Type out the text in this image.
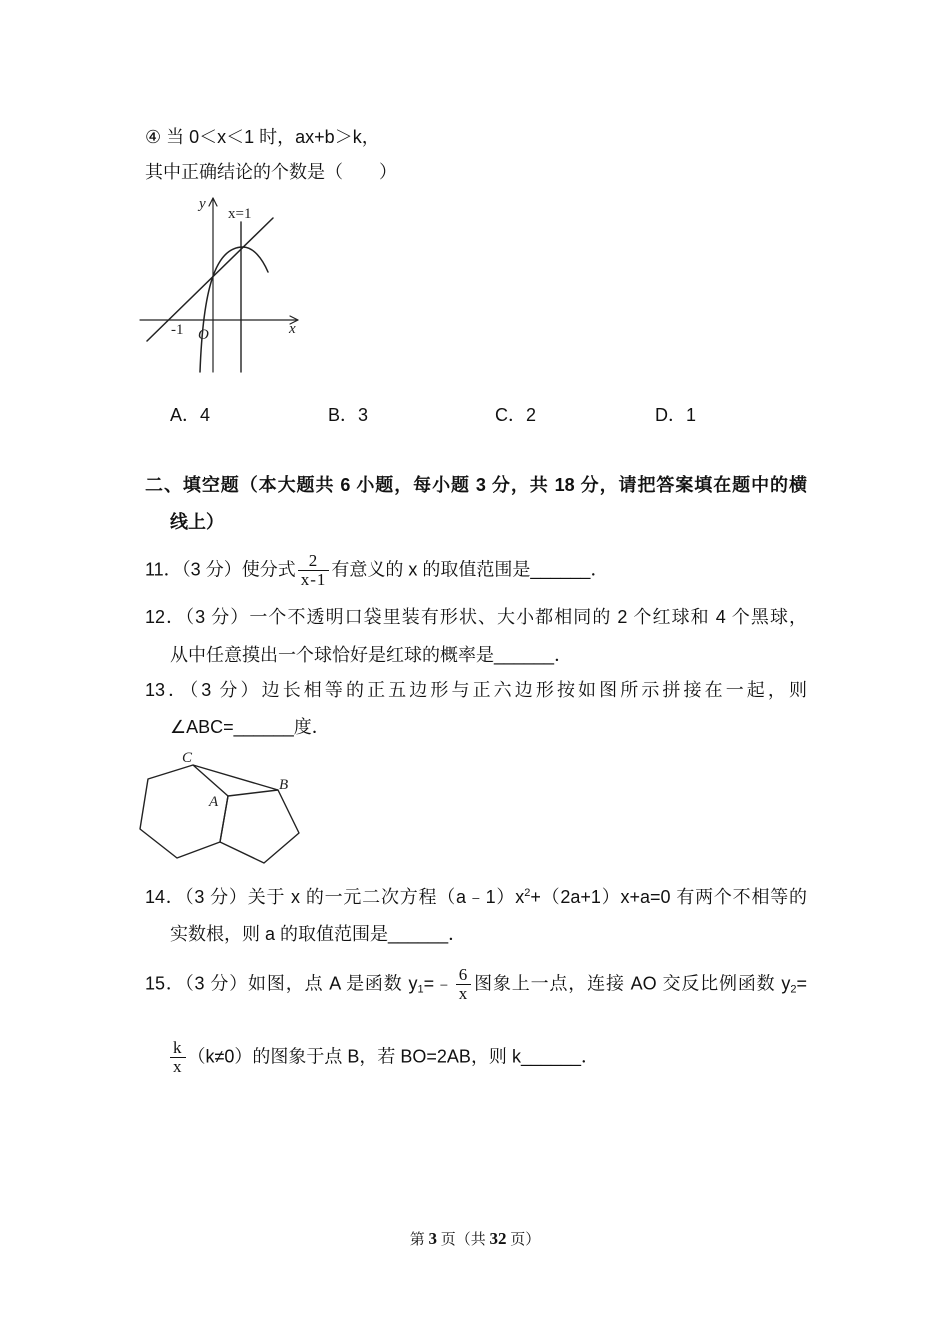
④ 当 0＜x＜1 时，ax+b＞k，
其中正确结论的个数是（　　）
y
x=1
x
-1 O
A．4	B．3	C．2	D．1
二、填空题（本大题共 6 小题，每小题 3 分，共 18 分，请把答案填在题中的横
线上）
11．（3 分）使分式 $\frac{2}{x-1}$ 有意义的 x 的取值范围是______．
12．（3 分）一个不透明口袋里装有形状、大小都相同的 2 个红球和 4 个黑球，
从中任意摸出一个球恰好是红球的概率是______．
13．（3 分）边长相等的正五边形与正六边形按如图所示拼接在一起，则
∠ABC=______度．
C
A
B
14．（3 分）关于 x 的一元二次方程$(a﹣1)x^2+(2a+1)x+a=0$ 有两个不相等的
实数根，则 a 的取值范围是______．
15．（3 分）如图，点 A 是函数 $y_1=﹣ \frac{6}{x}$ 图象上一点，连接 AO 交反比例函数 $y_2=$
$\frac{k}{x} (k\ne 0)$的图象于点 B，若 BO=2AB，则 k______．
第 3 页（共 32 页）
